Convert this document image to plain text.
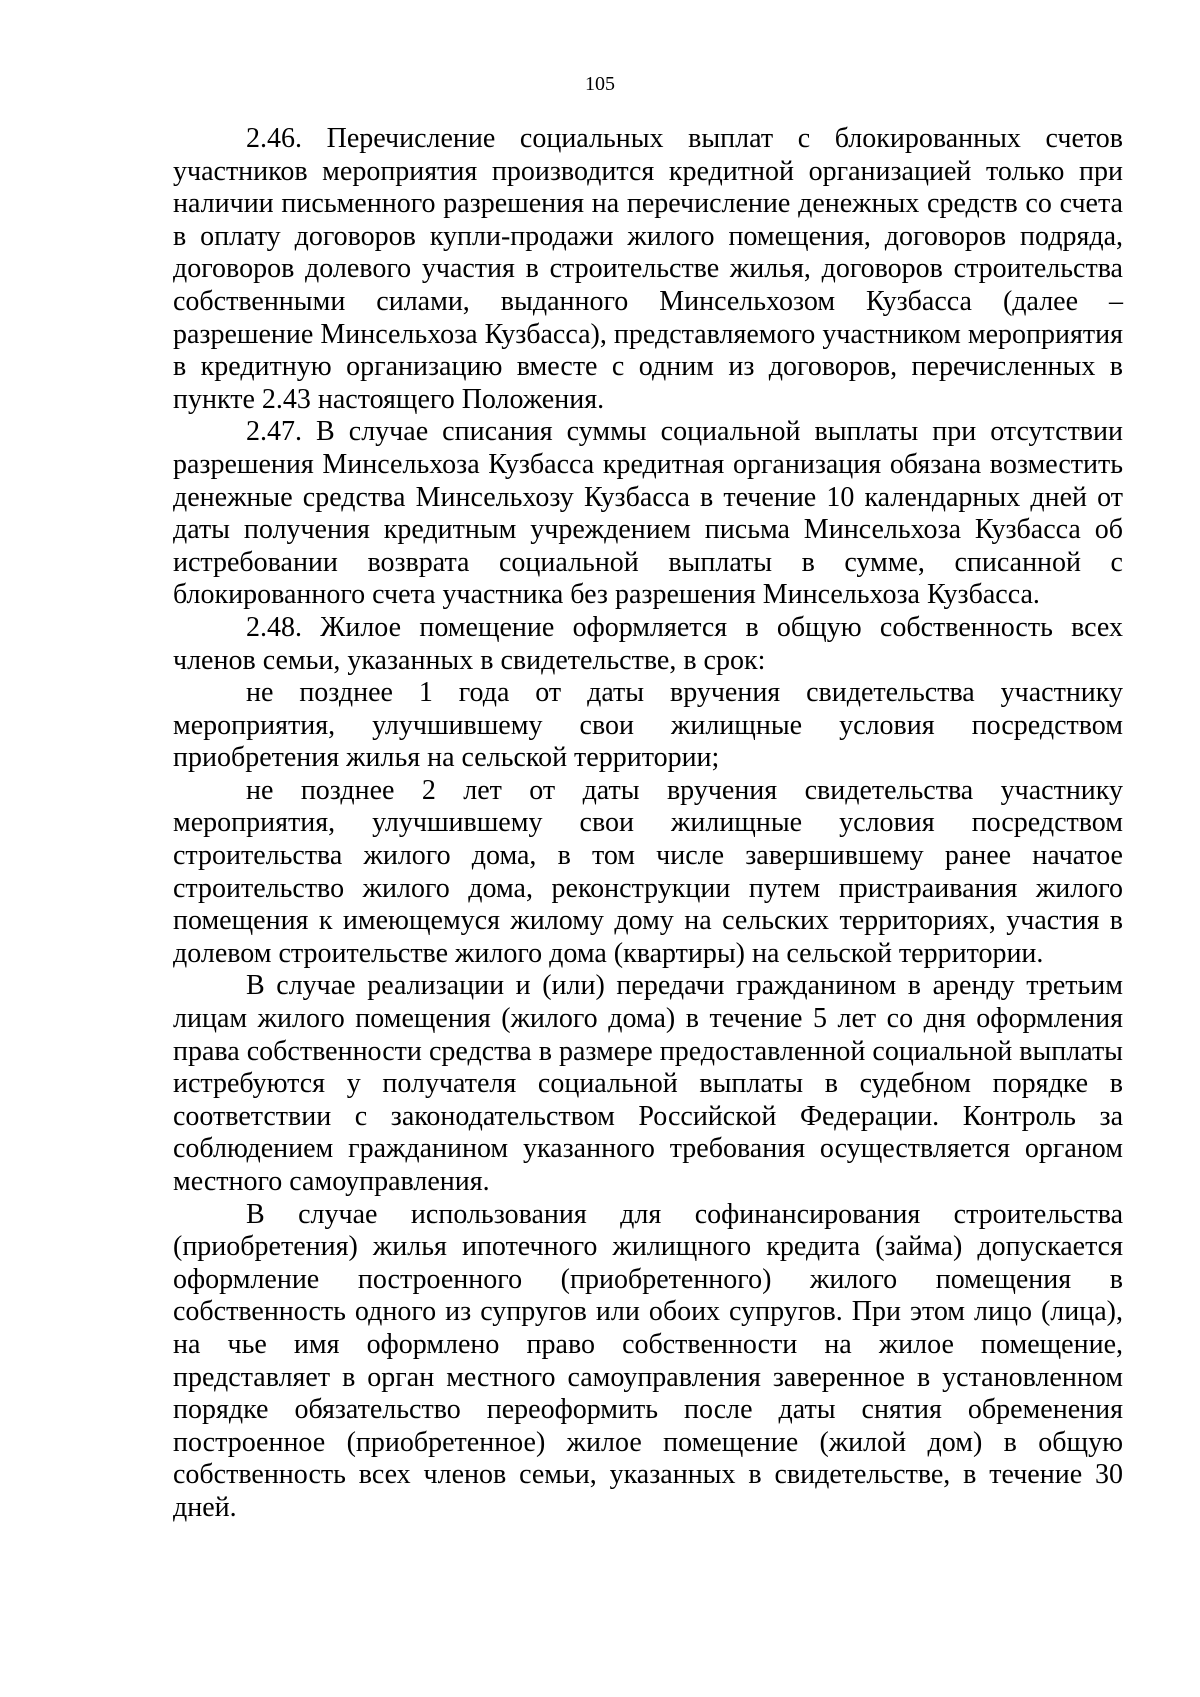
105

2.46. Перечисление социальных выплат с блокированных счетов участников мероприятия производится кредитной организацией только при наличии письменного разрешения на перечисление денежных средств со счета в оплату договоров купли-продажи жилого помещения, договоров подряда, договоров долевого участия в строительстве жилья, договоров строительства собственными силами, выданного Минсельхозом Кузбасса (далее – разрешение Минсельхоза Кузбасса), представляемого участником мероприятия в кредитную организацию вместе с одним из договоров, перечисленных в пункте 2.43 настоящего Положения.

2.47. В случае списания суммы социальной выплаты при отсутствии разрешения Минсельхоза Кузбасса кредитная организация обязана возместить денежные средства Минсельхозу Кузбасса в течение 10 календарных дней от даты получения кредитным учреждением письма Минсельхоза Кузбасса об истребовании возврата социальной выплаты в сумме, списанной с блокированного счета участника без разрешения Минсельхоза Кузбасса.

2.48. Жилое помещение оформляется в общую собственность всех членов семьи, указанных в свидетельстве, в срок:

не позднее 1 года от даты вручения свидетельства участнику мероприятия, улучшившему свои жилищные условия посредством приобретения жилья на сельской территории;

не позднее 2 лет от даты вручения свидетельства участнику мероприятия, улучшившему свои жилищные условия посредством строительства жилого дома, в том числе завершившему ранее начатое строительство жилого дома, реконструкции путем пристраивания жилого помещения к имеющемуся жилому дому на сельских территориях, участия в долевом строительстве жилого дома (квартиры) на сельской территории.

В случае реализации и (или) передачи гражданином в аренду третьим лицам жилого помещения (жилого дома) в течение 5 лет со дня оформления права собственности средства в размере предоставленной социальной выплаты истребуются у получателя социальной выплаты в судебном порядке в соответствии с законодательством Российской Федерации. Контроль за соблюдением гражданином указанного требования осуществляется органом местного самоуправления.

В случае использования для софинансирования строительства (приобретения) жилья ипотечного жилищного кредита (займа) допускается оформление построенного (приобретенного) жилого помещения в собственность одного из супругов или обоих супругов. При этом лицо (лица), на чье имя оформлено право собственности на жилое помещение, представляет в орган местного самоуправления заверенное в установленном порядке обязательство переоформить после даты снятия обременения построенное (приобретенное) жилое помещение (жилой дом) в общую собственность всех членов семьи, указанных в свидетельстве, в течение 30 дней.
